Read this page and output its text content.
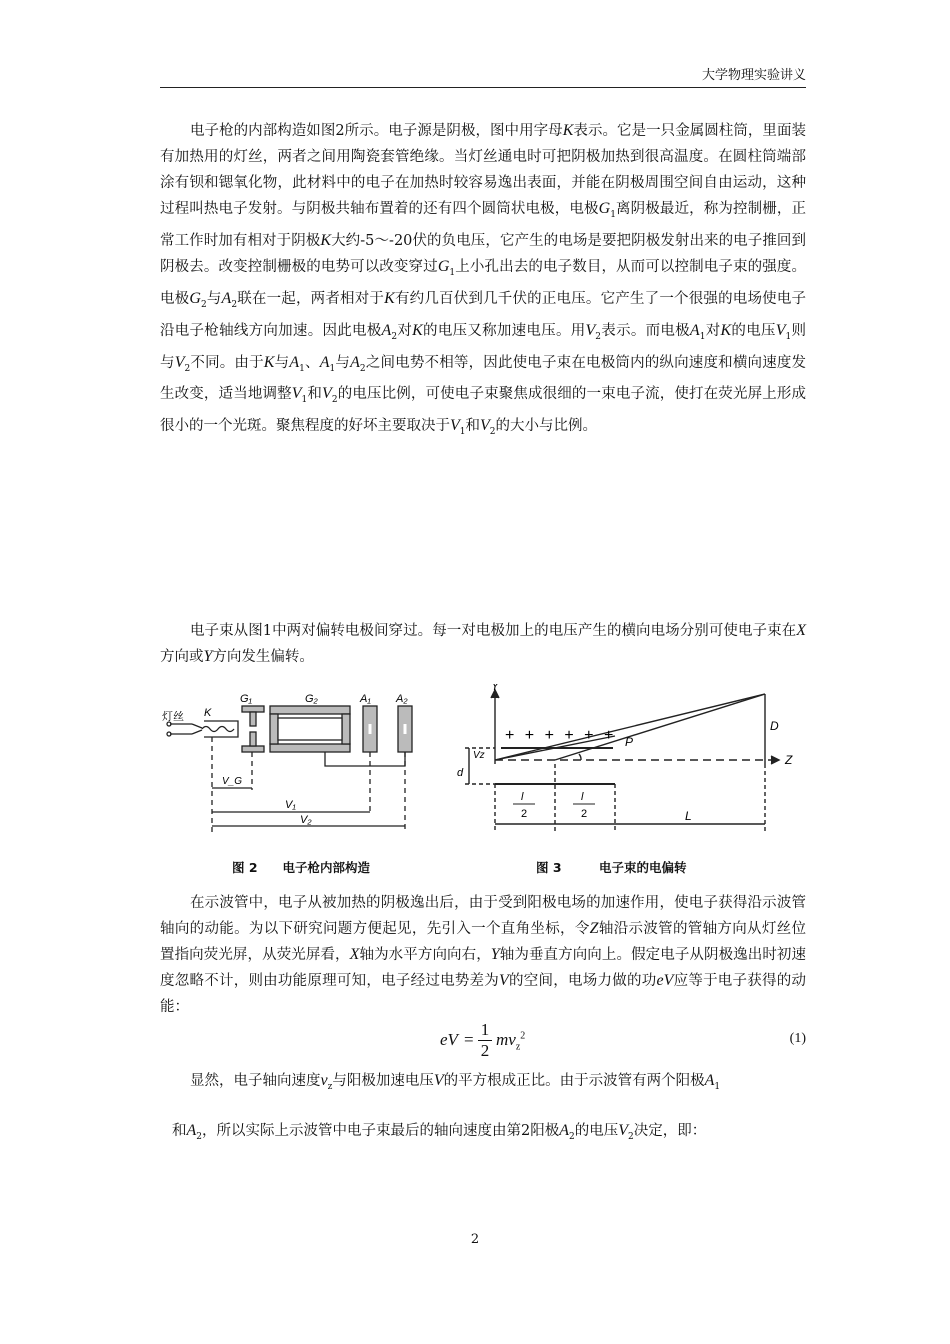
大学物理实验讲义
电子枪的内部构造如图2所示。电子源是阴极，图中用字母K表示。它是一只金属圆柱筒，里面装有加热用的灯丝，两者之间用陶瓷套管绝缘。当灯丝通电时可把阴极加热到很高温度。在圆柱筒端部涂有钡和锶氧化物，此材料中的电子在加热时较容易逸出表面，并能在阴极周围空间自由运动，这种过程叫热电子发射。与阴极共轴布置着的还有四个圆筒状电极，电极$G_1$离阴极最近，称为控制栅，正常工作时加有相对于阴极K大约-5～-20伏的负电压，它产生的电场是要把阴极发射出来的电子推回到阴极去。改变控制栅极的电势可以改变穿过$G_1$上小孔出去的电子数目，从而可以控制电子束的强度。电极$G_2$与$A_2$联在一起，两者相对于K有约几百伏到几千伏的正电压。它产生了一个很强的电场使电子沿电子枪轴线方向加速。因此电极$A_2$对K的电压又称加速电压。用$V_2$表示。而电极$A_1$对K的电压$V_1$则与$V_2$不同。由于K与$A_1$、$A_1$与$A_2$之间电势不相等，因此使电子束在电极筒内的纵向速度和横向速度发生改变，适当地调整$V_1$和$V_2$的电压比例，可使电子束聚焦成很细的一束电子流，使打在荧光屏上形成很小的一个光斑。聚焦程度的好坏主要取决于$V_1$和$V_2$的大小与比例。
电子束从图1中两对偏转电极间穿过。每一对电极加上的电压产生的横向电场分别可使电子束在X方向或Y方向发生偏转。
灯丝 K
G₁	G₂	A₁ A₂
V_G
V₁
V₂
图 2　　电子枪内部构造
Y
Z
D
P
d
Vz
+ + + + + +
l
2
l
2	L
图 3　　　电子束的电偏转
在示波管中，电子从被加热的阴极逸出后，由于受到阳极电场的加速作用，使电子获得沿示波管轴向的动能。为以下研究问题方便起见，先引入一个直角坐标，令Z轴沿示波管的管轴方向从灯丝位置指向荧光屏，从荧光屏看，X轴为水平方向向右，Y轴为垂直方向向上。假定电子从阴极逸出时初速度忽略不计，则由功能原理可知，电子经过电势差为V的空间，电场力做的功eV应等于电子获得的动能：
eV =
1
2
$mv_z^2$	(1)
显然，电子轴向速度$v_z$与阳极加速电压V的平方根成正比。由于示波管有两个阳极$A_1$
和$A_2$，所以实际上示波管中电子束最后的轴向速度由第2阳极$A_2$的电压$V_2$决定，即：
2
